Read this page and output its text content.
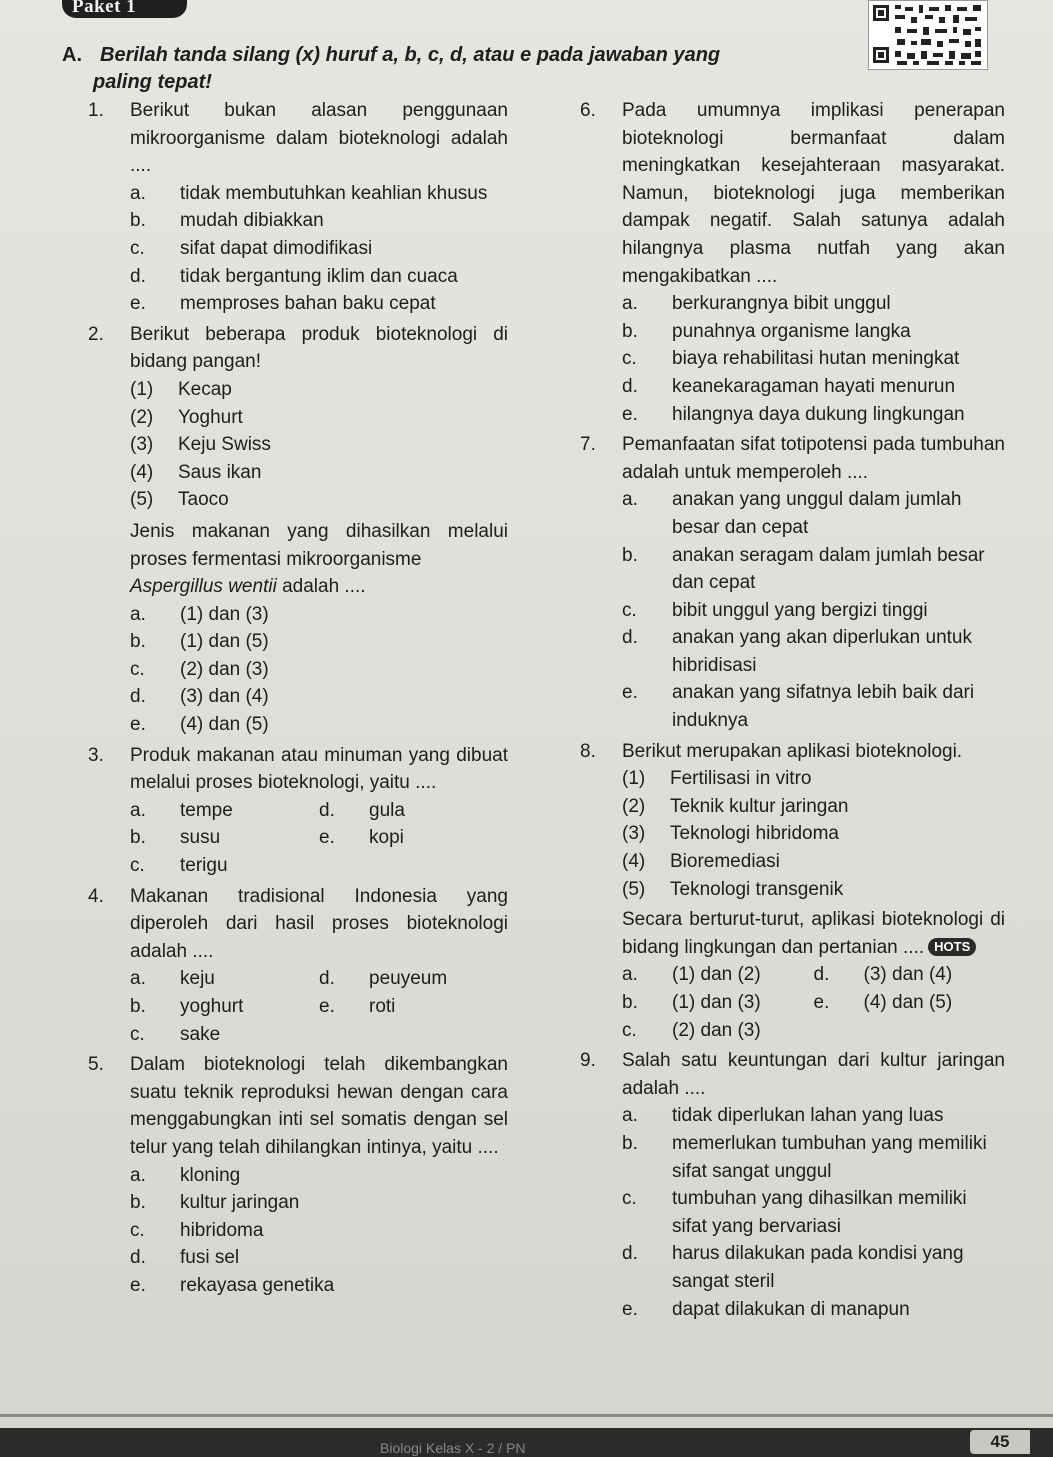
Paket 1
A. Berilah tanda silang (x) huruf a, b, c, d, atau e pada jawaban yang
paling tepat!
1. Berikut bukan alasan penggunaan mikroorganisme dalam bioteknologi adalah ....
a. tidak membutuhkan keahlian khusus
b. mudah dibiakkan
c. sifat dapat dimodifikasi
d. tidak bergantung iklim dan cuaca
e. memproses bahan baku cepat
2. Berikut beberapa produk bioteknologi di bidang pangan!
(1) Kecap
(2) Yoghurt
(3) Keju Swiss
(4) Saus ikan
(5) Taoco
Jenis makanan yang dihasilkan melalui proses fermentasi mikroorganisme
Aspergillus wentii adalah ....
a. (1) dan (3)
b. (1) dan (5)
c. (2) dan (3)
d. (3) dan (4)
e. (4) dan (5)
3. Produk makanan atau minuman yang dibuat melalui proses bioteknologi, yaitu ....
a. tempe
b. susu
c. terigu
d. gula
e. kopi
4. Makanan tradisional Indonesia yang diperoleh dari hasil proses bioteknologi adalah ....
a. keju
b. yoghurt
c. sake
d. peuyeum
e. roti
5. Dalam bioteknologi telah dikembangkan suatu teknik reproduksi hewan dengan cara menggabungkan inti sel somatis dengan sel telur yang telah dihilangkan intinya, yaitu ....
a. kloning
b. kultur jaringan
c. hibridoma
d. fusi sel
e. rekayasa genetika
6. Pada umumnya implikasi penerapan bioteknologi bermanfaat dalam meningkatkan kesejahteraan masyarakat. Namun, bioteknologi juga memberikan dampak negatif. Salah satunya adalah hilangnya plasma nutfah yang akan mengakibatkan ....
a. berkurangnya bibit unggul
b. punahnya organisme langka
c. biaya rehabilitasi hutan meningkat
d. keanekaragaman hayati menurun
e. hilangnya daya dukung lingkungan
7. Pemanfaatan sifat totipotensi pada tumbuhan adalah untuk memperoleh ....
a. anakan yang unggul dalam jumlah besar dan cepat
b. anakan seragam dalam jumlah besar dan cepat
c. bibit unggul yang bergizi tinggi
d. anakan yang akan diperlukan untuk hibridisasi
e. anakan yang sifatnya lebih baik dari induknya
8. Berikut merupakan aplikasi bioteknologi.
(1) Fertilisasi in vitro
(2) Teknik kultur jaringan
(3) Teknologi hibridoma
(4) Bioremediasi
(5) Teknologi transgenik
Secara berturut-turut, aplikasi bioteknologi di bidang lingkungan dan pertanian .... HOTS
a. (1) dan (2)
b. (1) dan (3)
c. (2) dan (3)
d. (3) dan (4)
e. (4) dan (5)
9. Salah satu keuntungan dari kultur jaringan adalah ....
a. tidak diperlukan lahan yang luas
b. memerlukan tumbuhan yang memiliki sifat sangat unggul
c. tumbuhan yang dihasilkan memiliki sifat yang bervariasi
d. harus dilakukan pada kondisi yang sangat steril
e. dapat dilakukan di manapun
Biologi Kelas X - 2 / PN	45
